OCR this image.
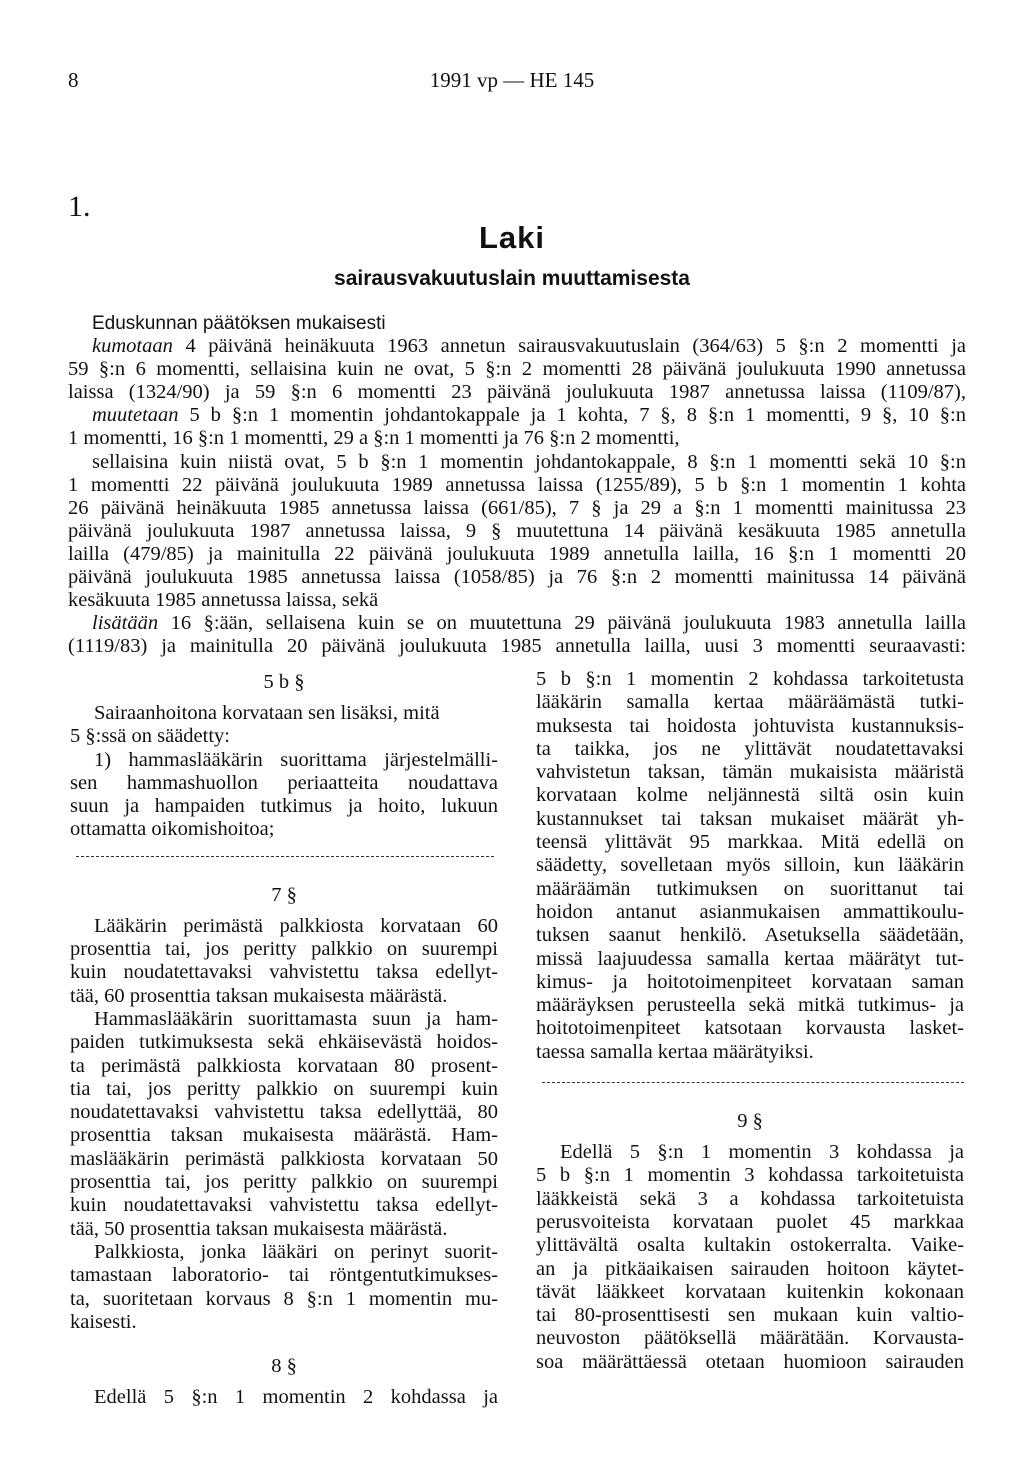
8	1991 vp — HE 145
1.
Laki
sairausvakuutuslain muuttamisesta
Eduskunnan päätöksen mukaisesti
kumotaan 4 päivänä heinäkuuta 1963 annetun sairausvakuutuslain (364/63) 5 §:n 2 momentti ja
59 §:n 6 momentti, sellaisina kuin ne ovat, 5 §:n 2 momentti 28 päivänä joulukuuta 1990 annetussa
laissa (1324/90) ja 59 §:n 6 momentti 23 päivänä joulukuuta 1987 annetussa laissa (1109/87),
muutetaan 5 b §:n 1 momentin johdantokappale ja 1 kohta, 7 §, 8 §:n 1 momentti, 9 §, 10 §:n
1 momentti, 16 §:n 1 momentti, 29 a §:n 1 momentti ja 76 §:n 2 momentti,
sellaisina kuin niistä ovat, 5 b §:n 1 momentin johdantokappale, 8 §:n 1 momentti sekä 10 §:n
1 momentti 22 päivänä joulukuuta 1989 annetussa laissa (1255/89), 5 b §:n 1 momentin 1 kohta
26 päivänä heinäkuuta 1985 annetussa laissa (661/85), 7 § ja 29 a §:n 1 momentti mainitussa 23
päivänä joulukuuta 1987 annetussa laissa, 9 § muutettuna 14 päivänä kesäkuuta 1985 annetulla
lailla (479/85) ja mainitulla 22 päivänä joulukuuta 1989 annetulla lailla, 16 §:n 1 momentti 20
päivänä joulukuuta 1985 annetussa laissa (1058/85) ja 76 §:n 2 momentti mainitussa 14 päivänä
kesäkuuta 1985 annetussa laissa, sekä
lisätään 16 §:ään, sellaisena kuin se on muutettuna 29 päivänä joulukuuta 1983 annetulla lailla
(1119/83) ja mainitulla 20 päivänä joulukuuta 1985 annetulla lailla, uusi 3 momentti seuraavasti:
5 b §
Sairaanhoitona korvataan sen lisäksi, mitä
5 §:ssä on säädetty:
1) hammaslääkärin suorittama järjestelmälli-
sen hammashuollon periaatteita noudattava
suun ja hampaiden tutkimus ja hoito, lukuun
ottamatta oikomishoitoa;
7 §
Lääkärin perimästä palkkiosta korvataan 60
prosenttia tai, jos peritty palkkio on suurempi
kuin noudatettavaksi vahvistettu taksa edellyt-
tää, 60 prosenttia taksan mukaisesta määrästä.
Hammaslääkärin suorittamasta suun ja ham-
paiden tutkimuksesta sekä ehkäisevästä hoidos-
ta perimästä palkkiosta korvataan 80 prosent-
tia tai, jos peritty palkkio on suurempi kuin
noudatettavaksi vahvistettu taksa edellyttää, 80
prosenttia taksan mukaisesta määrästä. Ham-
maslääkärin perimästä palkkiosta korvataan 50
prosenttia tai, jos peritty palkkio on suurempi
kuin noudatettavaksi vahvistettu taksa edellyt-
tää, 50 prosenttia taksan mukaisesta määrästä.
Palkkiosta, jonka lääkäri on perinyt suorit-
tamastaan laboratorio- tai röntgentutkimukses-
ta, suoritetaan korvaus 8 §:n 1 momentin mu-
kaisesti.
8 §
Edellä 5 §:n 1 momentin 2 kohdassa ja
5 b §:n 1 momentin 2 kohdassa tarkoitetusta
lääkärin samalla kertaa määräämästä tutki-
muksesta tai hoidosta johtuvista kustannuksis-
ta taikka, jos ne ylittävät noudatettavaksi
vahvistetun taksan, tämän mukaisista määristä
korvataan kolme neljännestä siltä osin kuin
kustannukset tai taksan mukaiset määrät yh-
teensä ylittävät 95 markkaa. Mitä edellä on
säädetty, sovelletaan myös silloin, kun lääkärin
määräämän tutkimuksen on suorittanut tai
hoidon antanut asianmukaisen ammattikoulu-
tuksen saanut henkilö. Asetuksella säädetään,
missä laajuudessa samalla kertaa määrätyt tut-
kimus- ja hoitotoimenpiteet korvataan saman
määräyksen perusteella sekä mitkä tutkimus- ja
hoitotoimenpiteet katsotaan korvausta lasket-
taessa samalla kertaa määrätyiksi.
9 §
Edellä 5 §:n 1 momentin 3 kohdassa ja
5 b §:n 1 momentin 3 kohdassa tarkoitetuista
lääkkeistä sekä 3 a kohdassa tarkoitetuista
perusvoiteista korvataan puolet 45 markkaa
ylittävältä osalta kultakin ostokerralta. Vaike-
an ja pitkäaikaisen sairauden hoitoon käytet-
tävät lääkkeet korvataan kuitenkin kokonaan
tai 80-prosenttisesti sen mukaan kuin valtio-
neuvoston päätöksellä määrätään. Korvausta-
soa määrättäessä otetaan huomioon sairauden
